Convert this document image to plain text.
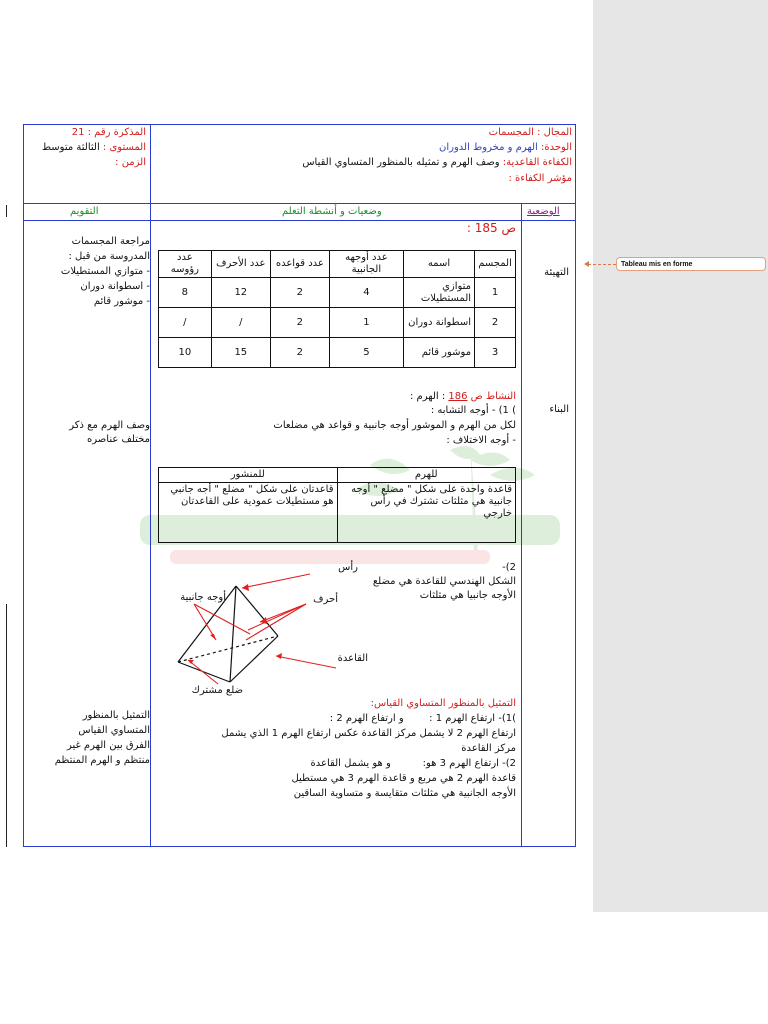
Tableau mis en forme
المجال : المجسمات
الوحدة: الهرم و مخروط الدوران
الكفاءة القاعدية: وصف الهرم و تمثيله بالمنظور المتساوي القياس
مؤشر الكفاءة :
المذكرة رقم : 21
المستوى : الثالثة متوسط
الزمن :
الوضعية
وضعيات و أنشطة التعلم
التقويم
التهيئة
البناء
ص 185 :
المجسم	اسمه	عدد أوجهه الجانبية	عدد قواعده	عدد الأحرف	عدد رؤوسه
1	متوازي المستطيلات	4	2	12	8
2	اسطوانة دوران	1	2	/	/
3	موشور قائم	5	2	15	10
مراجعة المجسمات
المدروسة من قبل :
- متوازي المستطيلات
- اسطوانة دوران
- موشور قائم
النشاط ص 186 : الهرم :
) 1) - أوجه التشابه :
لكل من الهرم و الموشور أوجه جانبية و قواعد هي مضلعات
- أوجه الاختلاف :
للهرم	للمنشور
قاعدة واحدة على شكل " مضلع " أوجه جانبية هي مثلثات تشترك في رأس خارجي	قاعدتان على شكل " مضلع " أجه جانبي هو مستطيلات عمودية على القاعدتان
وصف الهرم مع ذكر
مختلف عناصره
2)-
الشكل الهندسي للقاعدة هي مضلع
الأوجه جانبيا هي مثلثات
رأس
أحرف
أوجه جانبية
القاعدة
ضلع مشترك
التمثيل بالمنظور المتساوي القياس:
)1)- ارتفاع الهرم 1 :        و ارتفاع الهرم 2 :
ارتفاع الهرم 2 لا يشمل مركز القاعدة عكس ارتفاع الهرم 1 الذي يشمل
مركز القاعدة
2)- ارتفاع الهرم 3 هو:          و هو يشمل القاعدة
قاعدة الهرم 2 هي مربع و قاعدة الهرم 3 هي مستطيل
الأوجه الجانبية هي مثلثات متقايسة و متساوية الساقين
التمثيل بالمنظور
المتساوي القياس
الفرق بين الهرم غير
منتظم و الهرم المنتظم
